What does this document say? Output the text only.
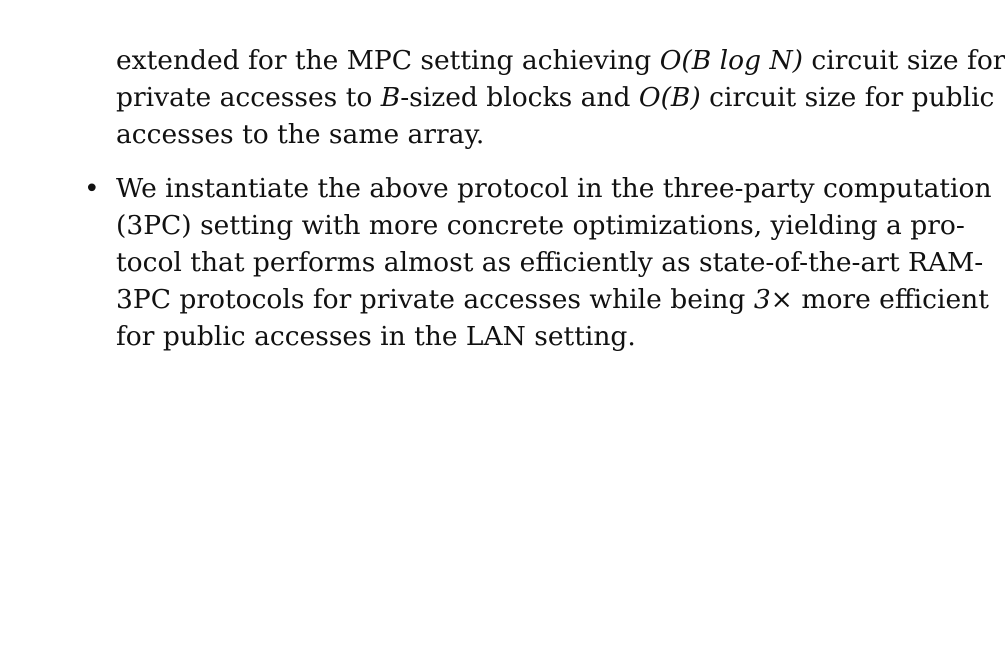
extended for the MPC setting achieving O(B log N) circuit size for
private accesses to B-sized blocks and O(B) circuit size for public
accesses to the same array.
• We instantiate the above protocol in the three-party computation
(3PC) setting with more concrete optimizations, yielding a pro-
tocol that performs almost as efficiently as state-of-the-art RAM-
3PC protocols for private accesses while being 3× more efficient
for public accesses in the LAN setting.
